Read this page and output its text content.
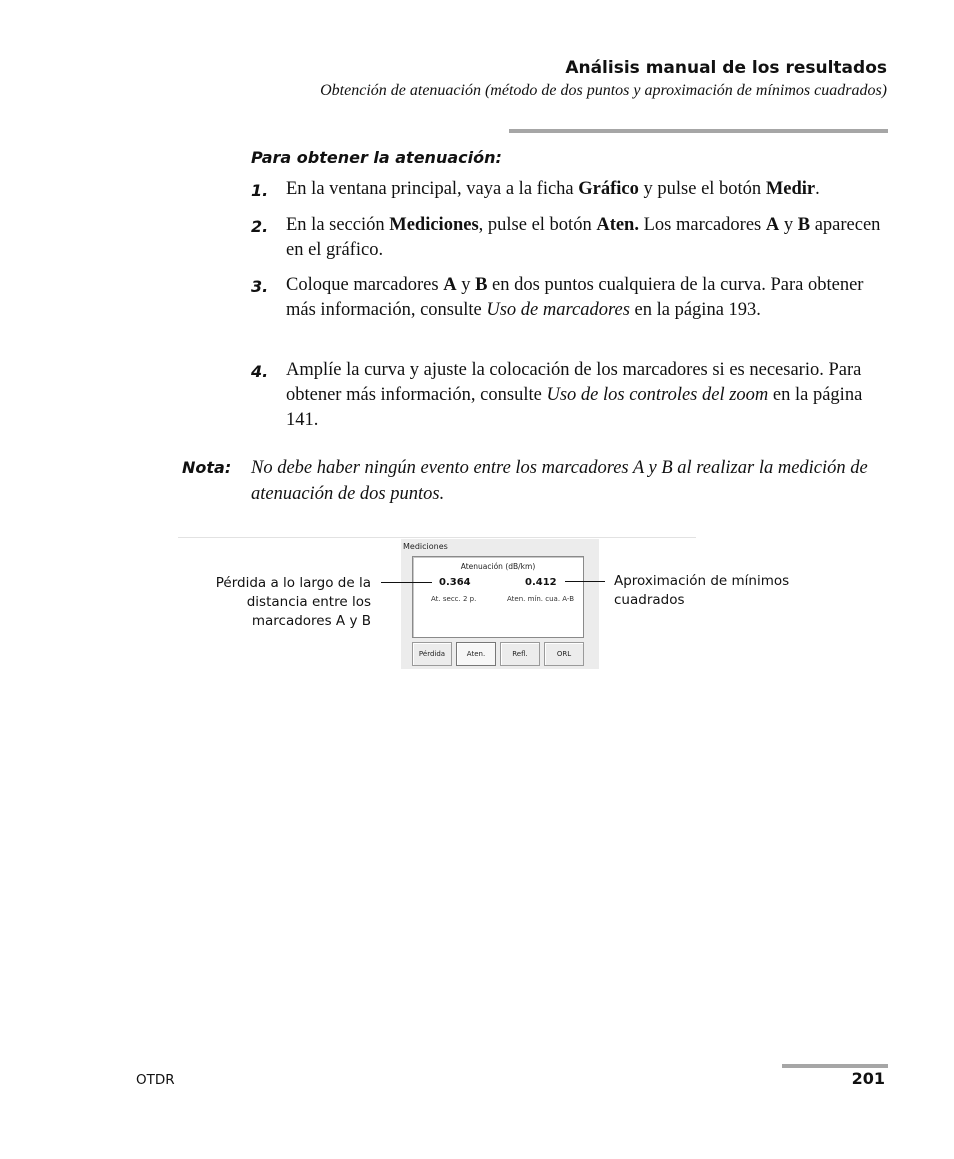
Análisis manual de los resultados
Obtención de atenuación (método de dos puntos y aproximación de mínimos cuadrados)
Para obtener la atenuación:
1. En la ventana principal, vaya a la ficha Gráfico y pulse el botón Medir.
2. En la sección Mediciones, pulse el botón Aten. Los marcadores A y B aparecen en el gráfico.
3. Coloque marcadores A y B en dos puntos cualquiera de la curva. Para obtener más información, consulte Uso de marcadores en la página 193.
4. Amplíe la curva y ajuste la colocación de los marcadores si es necesario. Para obtener más información, consulte Uso de los controles del zoom en la página 141.
Nota: No debe haber ningún evento entre los marcadores A y B al realizar la medición de atenuación de dos puntos.
Mediciones
Atenuación (dB/km)
0.364	0.412
At. secc. 2 p.	Aten. mín. cua. A-B
Pérdida	Aten.	Refl.	ORL
Pérdida a lo largo de la distancia entre los marcadores A y B
Aproximación de mínimos cuadrados
OTDR	201
